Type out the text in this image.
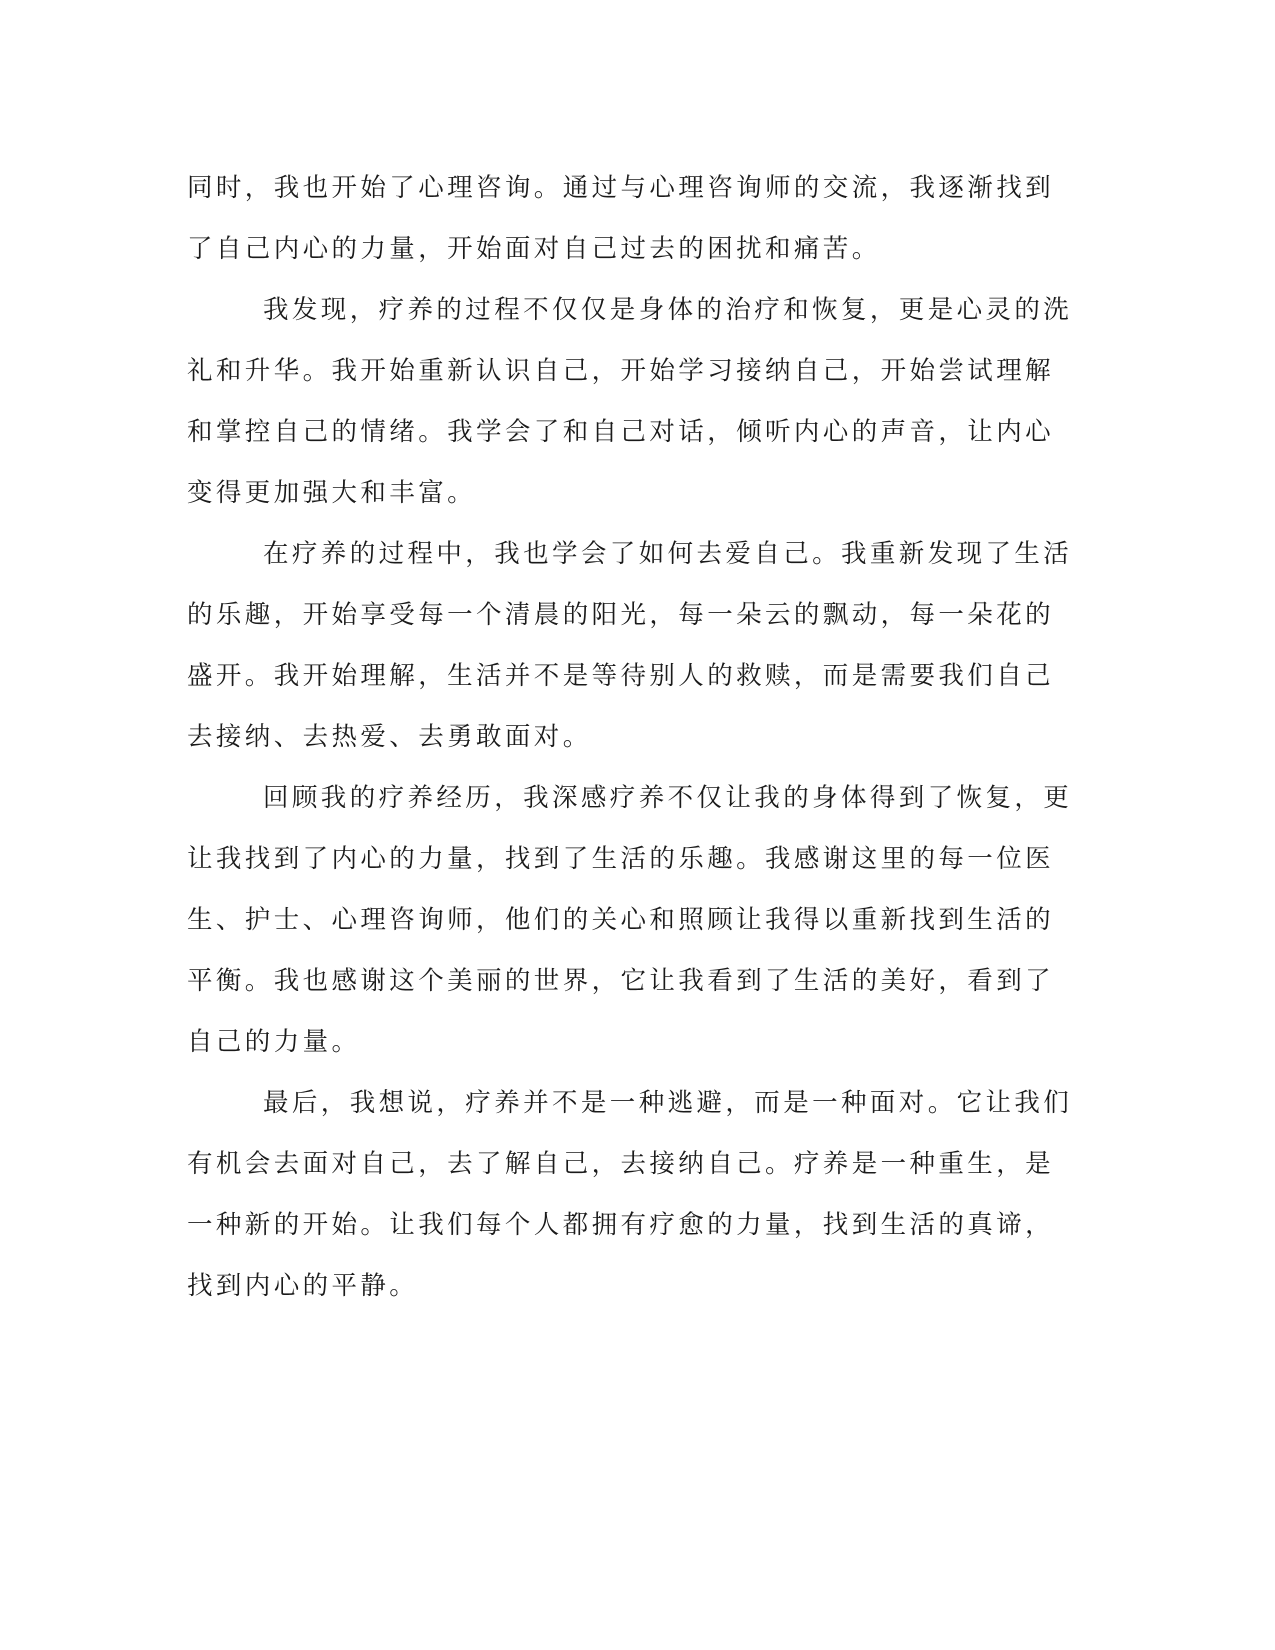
同时，我也开始了心理咨询。通过与心理咨询师的交流，我逐渐找到
了自己内心的力量，开始面对自己过去的困扰和痛苦。
我发现，疗养的过程不仅仅是身体的治疗和恢复，更是心灵的洗
礼和升华。我开始重新认识自己，开始学习接纳自己，开始尝试理解
和掌控自己的情绪。我学会了和自己对话，倾听内心的声音，让内心
变得更加强大和丰富。
在疗养的过程中，我也学会了如何去爱自己。我重新发现了生活
的乐趣，开始享受每一个清晨的阳光，每一朵云的飘动，每一朵花的
盛开。我开始理解，生活并不是等待别人的救赎，而是需要我们自己
去接纳、去热爱、去勇敢面对。
回顾我的疗养经历，我深感疗养不仅让我的身体得到了恢复，更
让我找到了内心的力量，找到了生活的乐趣。我感谢这里的每一位医
生、护士、心理咨询师，他们的关心和照顾让我得以重新找到生活的
平衡。我也感谢这个美丽的世界，它让我看到了生活的美好，看到了
自己的力量。
最后，我想说，疗养并不是一种逃避，而是一种面对。它让我们
有机会去面对自己，去了解自己，去接纳自己。疗养是一种重生，是
一种新的开始。让我们每个人都拥有疗愈的力量，找到生活的真谛，
找到内心的平静。
